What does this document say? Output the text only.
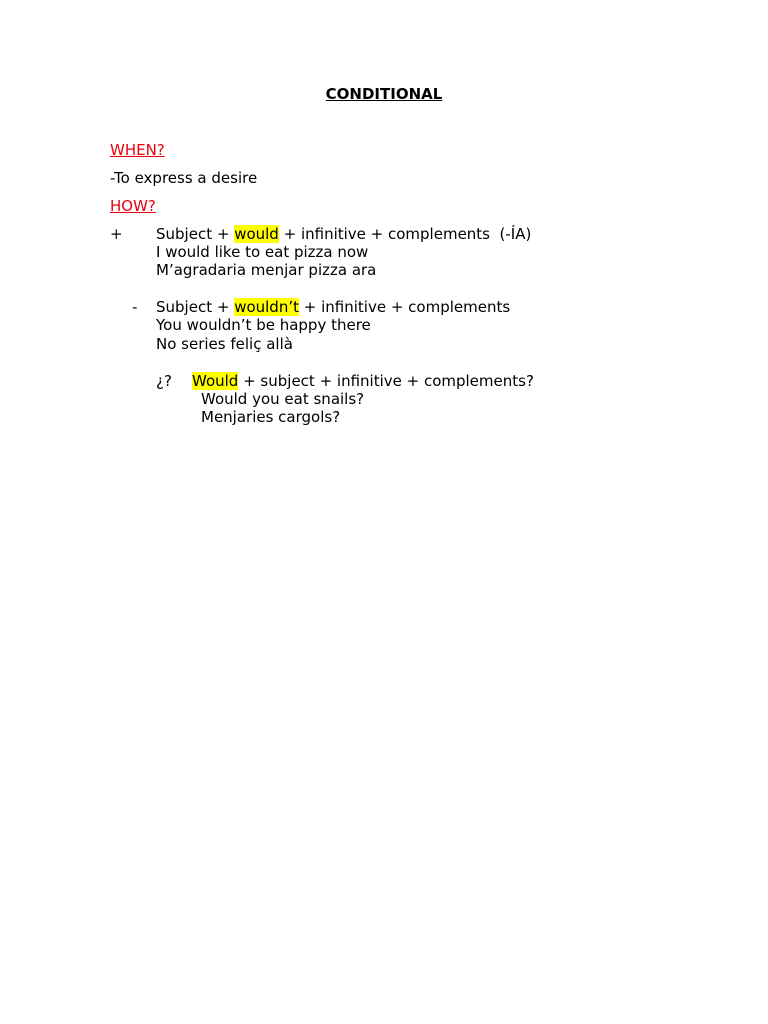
CONDITIONAL
WHEN?
-To express a desire
HOW?
+ Subject + would + infinitive + complements  (-ÍA)
I would like to eat pizza now
M’agradaria menjar pizza ara
- Subject + wouldn’t + infinitive + complements
You wouldn’t be happy there
No series feliç allà
¿? Would + subject + infinitive + complements?
Would you eat snails?
Menjaries cargols?
